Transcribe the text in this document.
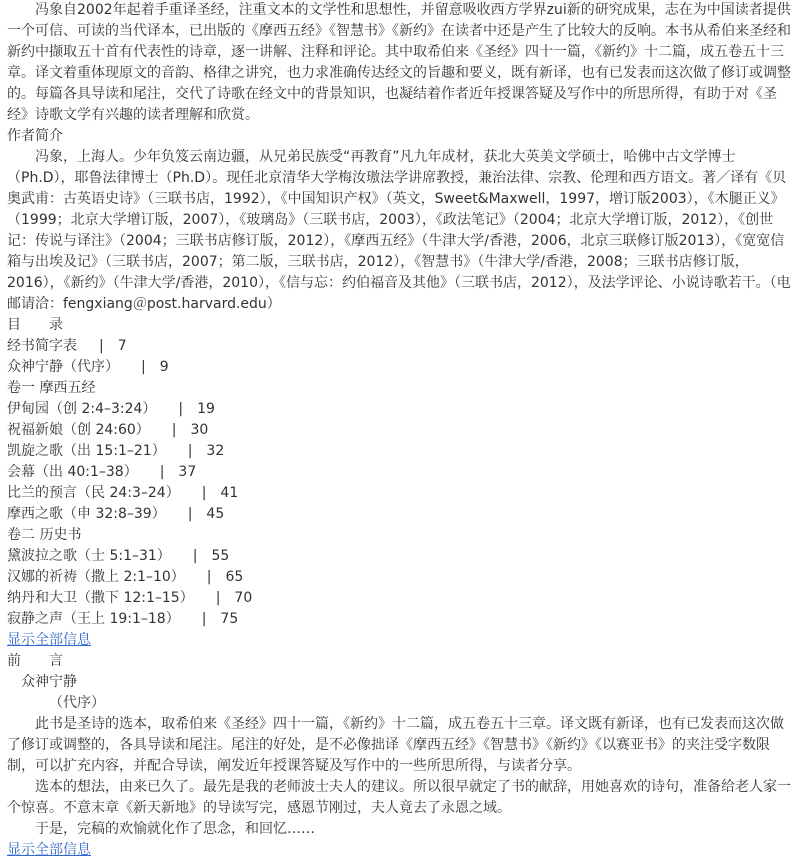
冯象自2002年起着手重译圣经，注重文本的文学性和思想性，并留意吸收西方学界zui新的研究成果，志在为中国读者提供一个可信、可读的当代译本，已出版的《摩西五经》《智慧书》《新约》在读者中还是产生了比较大的反响。本书从希伯来圣经和新约中撷取五十首有代表性的诗章，逐一讲解、注释和评论。其中取希伯来《圣经》四十一篇，《新约》十二篇，成五卷五十三章。译文着重体现原文的音韵、格律之讲究，也力求准确传达经文的旨趣和要义，既有新译，也有已发表而这次做了修订或调整的。每篇各具导读和尾注，交代了诗歌在经文中的背景知识，也凝结着作者近年授课答疑及写作中的所思所得，有助于对《圣经》诗歌文学有兴趣的读者理解和欣赏。

作者简介

冯象，上海人。少年负笈云南边疆，从兄弟民族受“再教育”凡九年成材，获北大英美文学硕士，哈佛中古文学博士（Ph.D），耶鲁法律博士（Ph.D）。现任北京清华大学梅汝璈法学讲席教授，兼治法律、宗教、伦理和西方语文。著／译有《贝奥武甫：古英语史诗》（三联书店，1992），《中国知识产权》（英文，Sweet&Maxwell，1997，增订版2003），《木腿正义》（1999；北京大学增订版，2007），《玻璃岛》（三联书店，2003），《政法笔记》（2004；北京大学增订版，2012），《创世记：传说与译注》（2004；三联书店修订版，2012），《摩西五经》（牛津大学/香港，2006，北京三联修订版2013），《宽宽信箱与出埃及记》（三联书店，2007；第二版，三联书店，2012），《智慧书》（牛津大学/香港，2008；三联书店修订版，2016），《新约》（牛津大学/香港，2010），《信与忘：约伯福音及其他》（三联书店，2012），及法学评论、小说诗歌若干。（电邮请洽：fengxiang＠post.harvard.edu）

目　　录
经书简字表 | 7
众神宁静（代序） | 9
卷一 摩西五经
伊甸园（创 2:4–3:24） | 19
祝福新娘（创 24:60） | 30
凯旋之歌（出 15:1–21） | 32
会幕（出 40:1–38） | 37
比兰的预言（民 24:3–24） | 41
摩西之歌（申 32:8–39） | 45
卷二 历史书
黛波拉之歌（士 5:1–31） | 55
汉娜的祈祷（撒上 2:1–10） | 65
纳丹和大卫（撒下 12:1–15） | 70
寂静之声（王上 19:1–18） | 75
显示全部信息
前　　言
众神宁静
（代序）

此书是圣诗的选本，取希伯来《圣经》四十一篇，《新约》十二篇，成五卷五十三章。译文既有新译，也有已发表而这次做了修订或调整的，各具导读和尾注。尾注的好处，是不必像拙译《摩西五经》《智慧书》《新约》《以赛亚书》的夹注受字数限制，可以扩充内容，并配合导读，阐发近年授课答疑及写作中的一些所思所得，与读者分享。

选本的想法，由来已久了。最先是我的老师波士夫人的建议。所以很早就定了书的献辞，用她喜欢的诗句，准备给老人家一个惊喜。不意末章《新天新地》的导读写完，感恩节刚过，夫人竟去了永恩之域。

于是，完稿的欢愉就化作了思念，和回忆……

显示全部信息
